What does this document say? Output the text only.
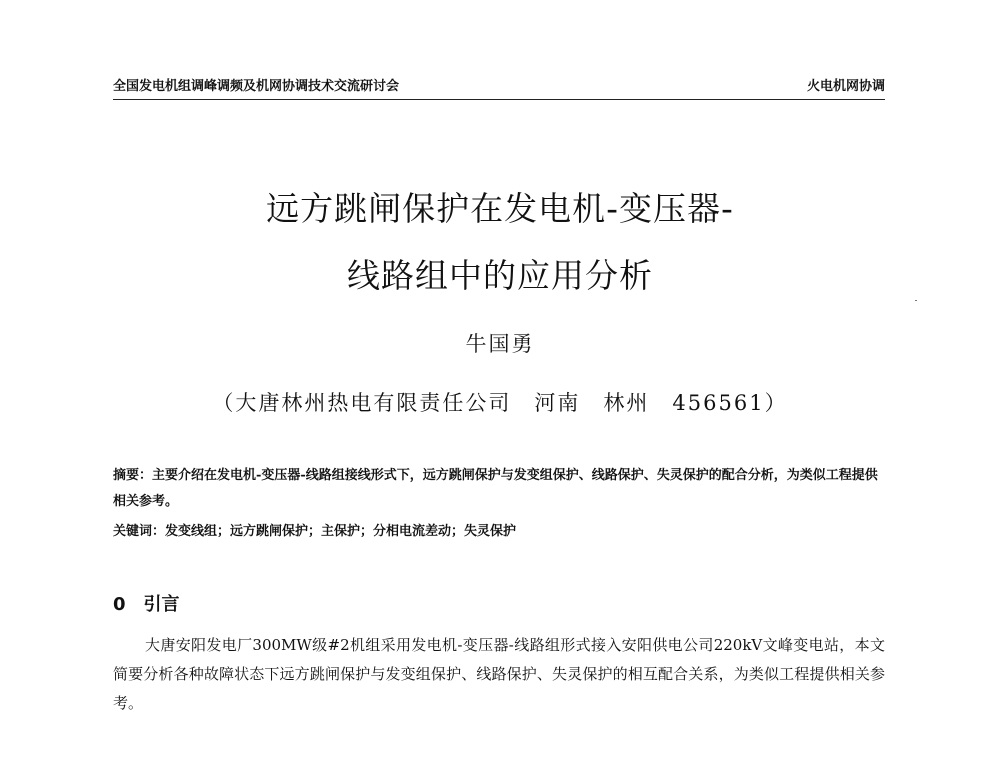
全国发电机组调峰调频及机网协调技术交流研讨会	火电机网协调
远方跳闸保护在发电机-变压器-
线路组中的应用分析
牛国勇
（大唐林州热电有限责任公司　河南　林州　456561）
摘要：主要介绍在发电机-变压器-线路组接线形式下，远方跳闸保护与发变组保护、线路保护、失灵保护的配合分析，为类似工程提供相关参考。
关键词：发变线组；远方跳闸保护；主保护；分相电流差动；失灵保护
0 引言
大唐安阳发电厂300MW级#2机组采用发电机-变压器-线路组形式接入安阳供电公司220kV文峰变电站，本文简要分析各种故障状态下远方跳闸保护与发变组保护、线路保护、失灵保护的相互配合关系，为类似工程提供相关参考。
